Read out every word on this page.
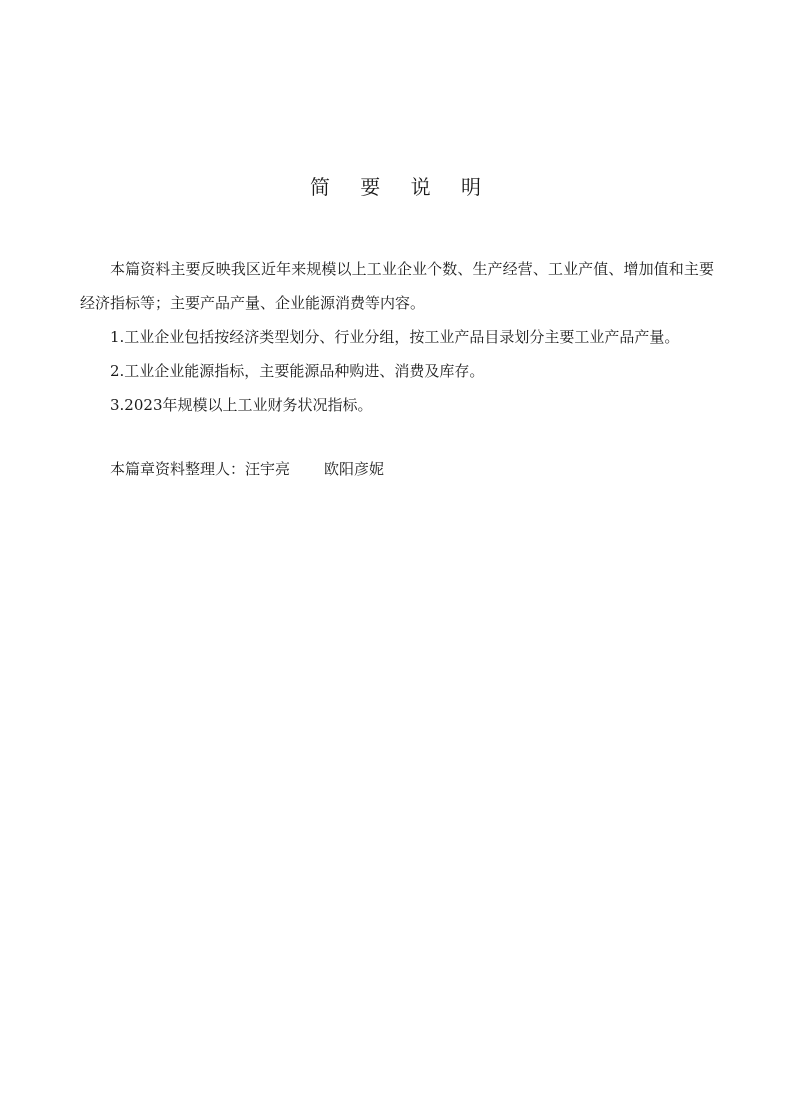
简 要 说 明
本篇资料主要反映我区近年来规模以上工业企业个数、生产经营、工业产值、增加值和主要经济指标等；主要产品产量、企业能源消费等内容。
1.工业企业包括按经济类型划分、行业分组，按工业产品目录划分主要工业产品产量。
2.工业企业能源指标，主要能源品种购进、消费及库存。
3.2023年规模以上工业财务状况指标。
本篇章资料整理人：汪宇亮 欧阳彦妮
